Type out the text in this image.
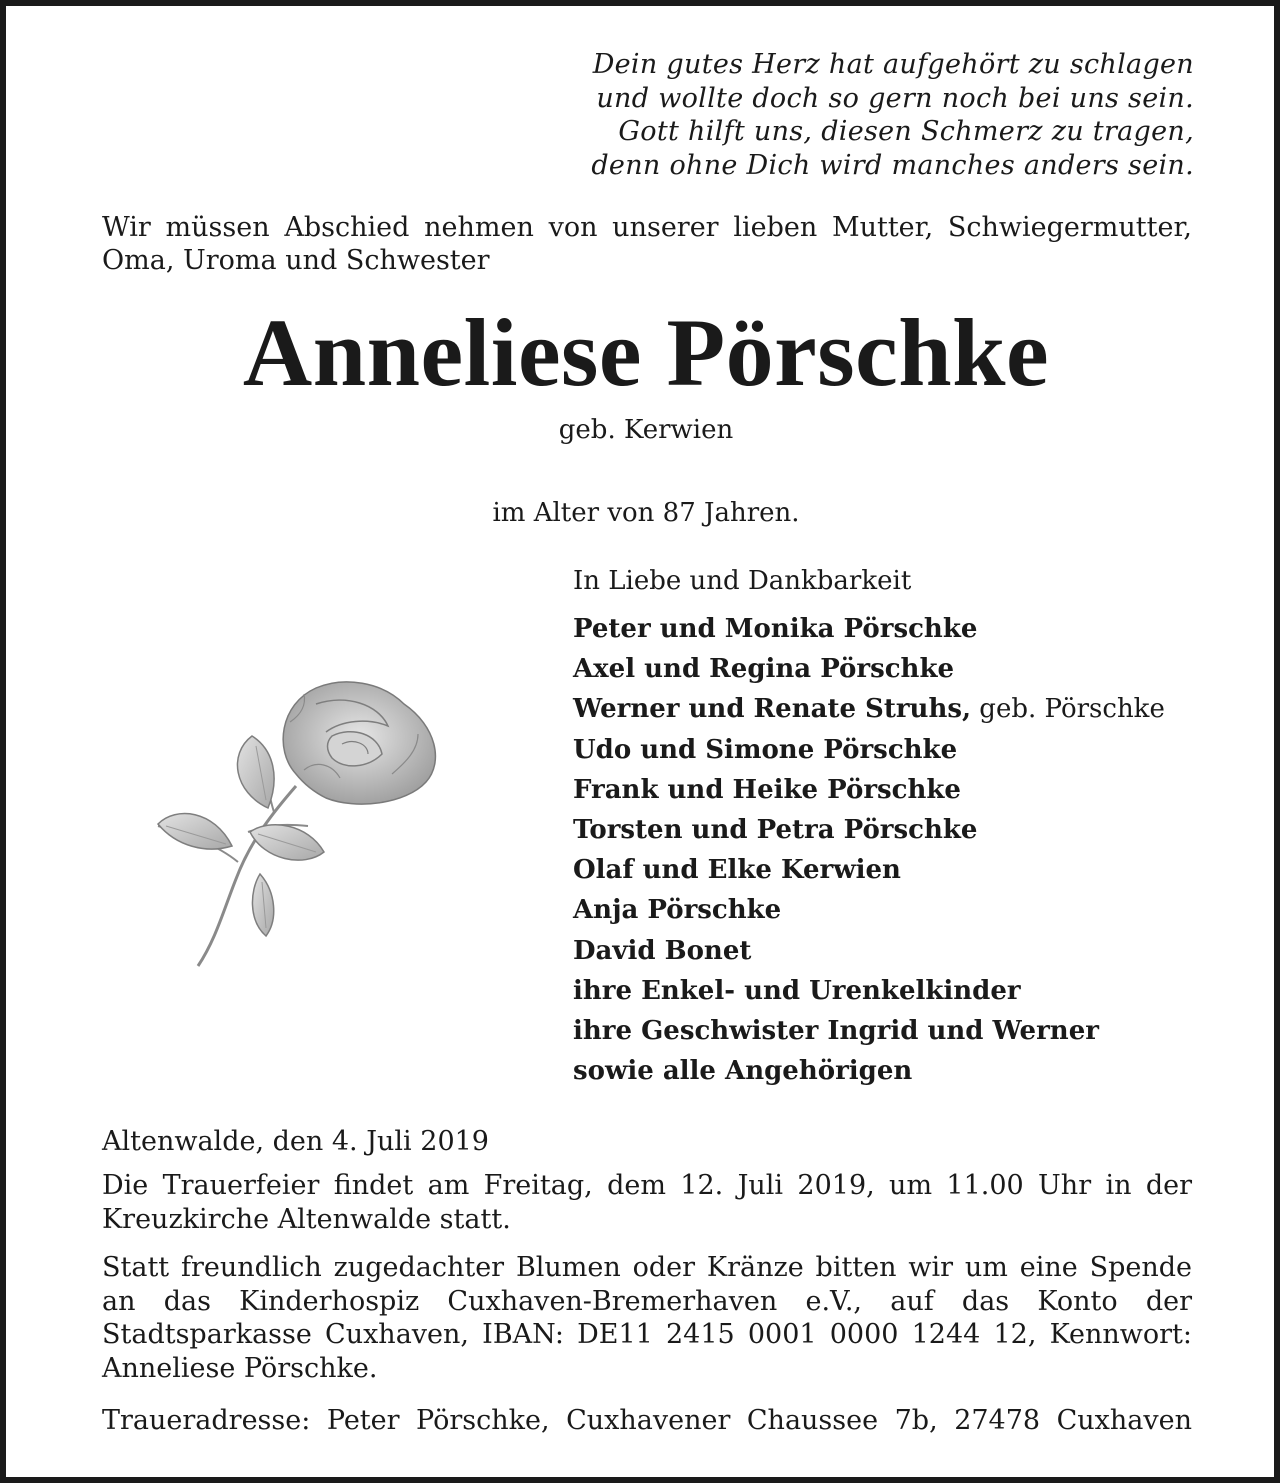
Dein gutes Herz hat aufgehört zu schlagen
und wollte doch so gern noch bei uns sein.
Gott hilft uns, diesen Schmerz zu tragen,
denn ohne Dich wird manches anders sein.
Wir müssen Abschied nehmen von unserer lieben Mutter, Schwiegermutter, Oma, Uroma und Schwester
Anneliese Pörschke
geb. Kerwien
im Alter von 87 Jahren.
In Liebe und Dankbarkeit
Peter und Monika Pörschke
Axel und Regina Pörschke
Werner und Renate Struhs, geb. Pörschke
Udo und Simone Pörschke
Frank und Heike Pörschke
Torsten und Petra Pörschke
Olaf und Elke Kerwien
Anja Pörschke
David Bonet
ihre Enkel- und Urenkelkinder
ihre Geschwister Ingrid und Werner
sowie alle Angehörigen
Altenwalde, den 4. Juli 2019
Die Trauerfeier findet am Freitag, dem 12. Juli 2019, um 11.00 Uhr in der Kreuzkirche Altenwalde statt.
Statt freundlich zugedachter Blumen oder Kränze bitten wir um eine Spende an das Kinderhospiz Cuxhaven-Bremerhaven e.V., auf das Konto der Stadtsparkasse Cuxhaven, IBAN: DE11 2415 0001 0000 1244 12, Kennwort: Anneliese Pörschke.
Traueradresse: Peter Pörschke, Cuxhavener Chaussee 7b, 27478 Cuxhaven
